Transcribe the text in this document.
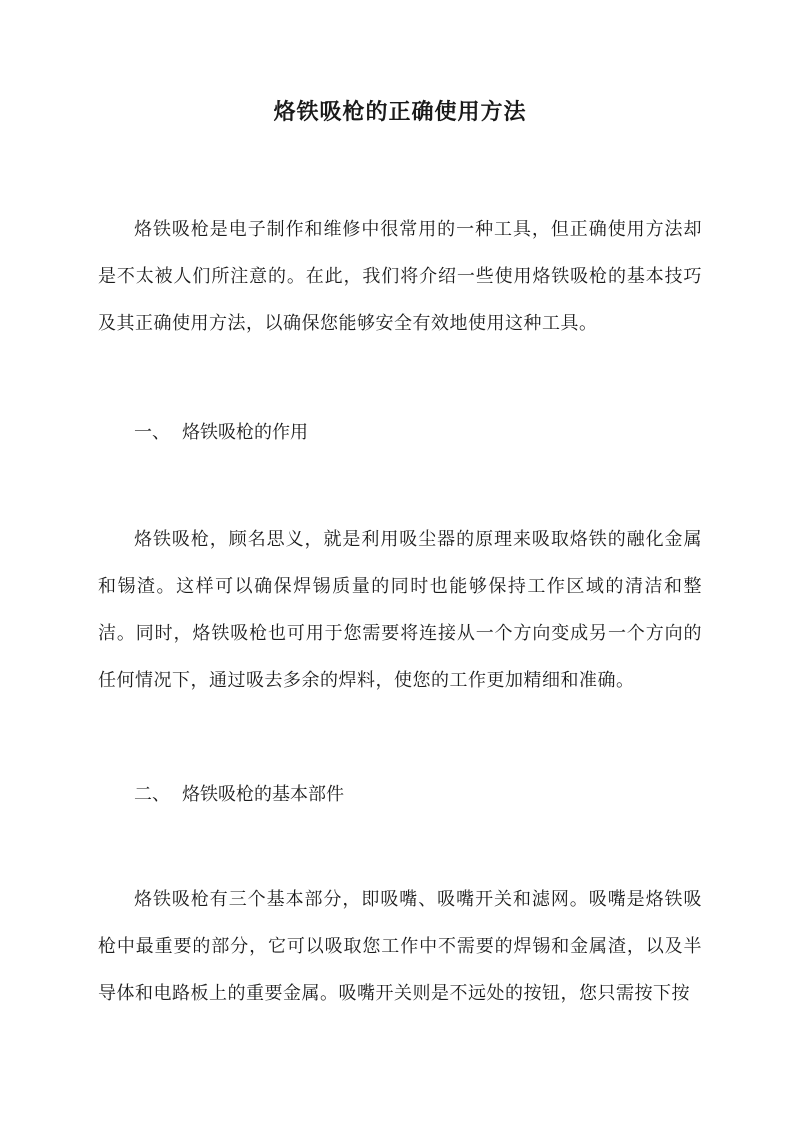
烙铁吸枪的正确使用方法

烙铁吸枪是电子制作和维修中很常用的一种工具，但正确使用方法却是不太被人们所注意的。在此，我们将介绍一些使用烙铁吸枪的基本技巧及其正确使用方法，以确保您能够安全有效地使用这种工具。

一、 烙铁吸枪的作用

烙铁吸枪，顾名思义，就是利用吸尘器的原理来吸取烙铁的融化金属和锡渣。这样可以确保焊锡质量的同时也能够保持工作区域的清洁和整洁。同时，烙铁吸枪也可用于您需要将连接从一个方向变成另一个方向的任何情况下，通过吸去多余的焊料，使您的工作更加精细和准确。

二、 烙铁吸枪的基本部件

烙铁吸枪有三个基本部分，即吸嘴、吸嘴开关和滤网。吸嘴是烙铁吸枪中最重要的部分，它可以吸取您工作中不需要的焊锡和金属渣，以及半导体和电路板上的重要金属。吸嘴开关则是不远处的按钮，您只需按下按
